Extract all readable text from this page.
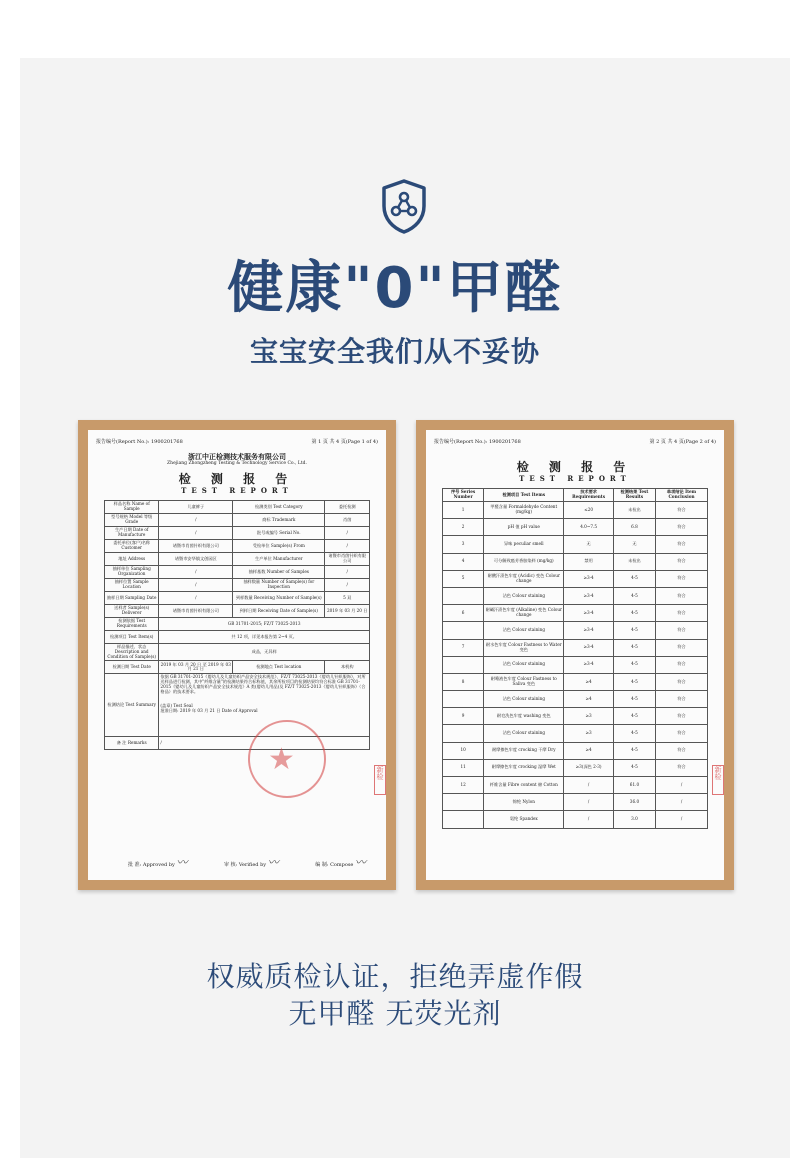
健康"0"甲醛
宝宝安全我们从不妥协
报告编号(Report No.): 1900201768	第 1 页 共 4 页(Page 1 of 4)
浙江中正检测技术服务有限公司
Zhejiang Zhongzheng Testing & Technology Service Co., Ltd.
检 测 报 告
TEST REPORT
样品名称 Name of Sample	儿童裤子	检测类别 Test Category	委托检测
型号规格 Model 等级 Grade	/	商标 Trademark	肖茵
生产日期 Date of Manufacture	/	批号或编号 Serial No.	/
委托单位(客户)名称 Customer	诸暨市肖茵针织有限公司	受检单位 Sample(s) From	/
地址 Address	诸暨市安华镇文创园区	生产单位 Manufacturer	诸暨市肖茵针织有限公司
抽样单位 Sampling Organization	/	抽样基数 Number of Samples	/
抽样位置 Sample Location	/	抽样数量 Number of Sample(s) for Inspection	/
抽样日期 Sampling Date	/	到样数量 Receiving Number of Sample(s)	5 双
送样者 Sample(s) Deliverer	诸暨市肖茵针织有限公司	到样日期 Receiving Date of Sample(s)	2019 年 03 月 20 日
检测依据 Test Requirements	GB 31701-2015; FZ/T 73025-2013		
检测项目 Test Item(s)	共 12 项，详见本报告第 2~4 页。		
样品描述、状态 Description and Condition of Sample(s)	成品，无异样		
检测日期 Test Date	2019 年 03 月 20 日 至 2019 年 03 月 21 日	检测地点 Test location	本机构
检测结论 Test Summary	依据 GB 31701-2015《婴幼儿及儿童纺织产品安全技术规范》、FZ/T 73025-2013《婴幼儿针织服饰》，对所送样品进行检测，其中"纤维含量"的检测结果符合标称值，其余所检项目的检测结果均符合标准 GB 31701-2015《婴幼儿及儿童纺织产品安全技术规范》A 类(婴幼儿用品)及 FZ/T 73025-2013《婴幼儿针织服饰》（合格品）的技术要求。

(盖章) Test Seal
批准日期: 2019 年 03 月 21 日 Date of Approval		
备 注 Remarks	/			★	新检
批 准: Approved by 〰	审 核: Verified by 〰	编 制: Compose 〰
报告编号(Report No.): 1900201768	第 2 页 共 4 页(Page 2 of 4)
检 测 报 告
TEST REPORT
序号 Series Number	检测项目 Test Items	技术要求 Requirements	检测结果 Test Results	单项结论 Item Conclusion
1	甲醛含量 Formaldehyde Content (mg/kg)	≤20	未检出	符合
2	pH 值 pH value	4.0~7.5	6.8	符合
3	异味 peculiar smell	无	无	符合
4	可分解致癌芳香胺染料 (mg/kg)	禁用	未检出	符合
5	耐酸汗渍色牢度 (Acidic) 变色 Colour change	≥3-4	4-5	符合
	沾色 Colour staining	≥3-4	4-5	符合
6	耐碱汗渍色牢度 (Alkaline) 变色 Colour change	≥3-4	4-5	符合
	沾色 Colour staining	≥3-4	4-5	符合
7	耐水色牢度 Colour Fastness to Water 变色	≥3-4	4-5	符合
	沾色 Colour staining	≥3-4	4-5	符合
8	耐唾液色牢度 Colour Fastness to Saliva 变色	≥4	4-5	符合
	沾色 Colour staining	≥4	4-5	符合
9	耐皂洗色牢度 washing 变色	≥3	4-5	符合
	沾色 Colour staining	≥3	4-5	符合
10	耐摩擦色牢度 crocking 干摩 Dry	≥4	4-5	符合
11	耐摩擦色牢度 crocking 湿摩 Wet	≥3(深色 2-3)	4-5	符合
12	纤维含量 Fibre content 棉 Cotton	/	61.0	/
	锦纶 Nylon	/	36.0	/
	氨纶 Spandex	/	3.0	/
新检
权威质检认证，拒绝弄虚作假
无甲醛 无荧光剂
